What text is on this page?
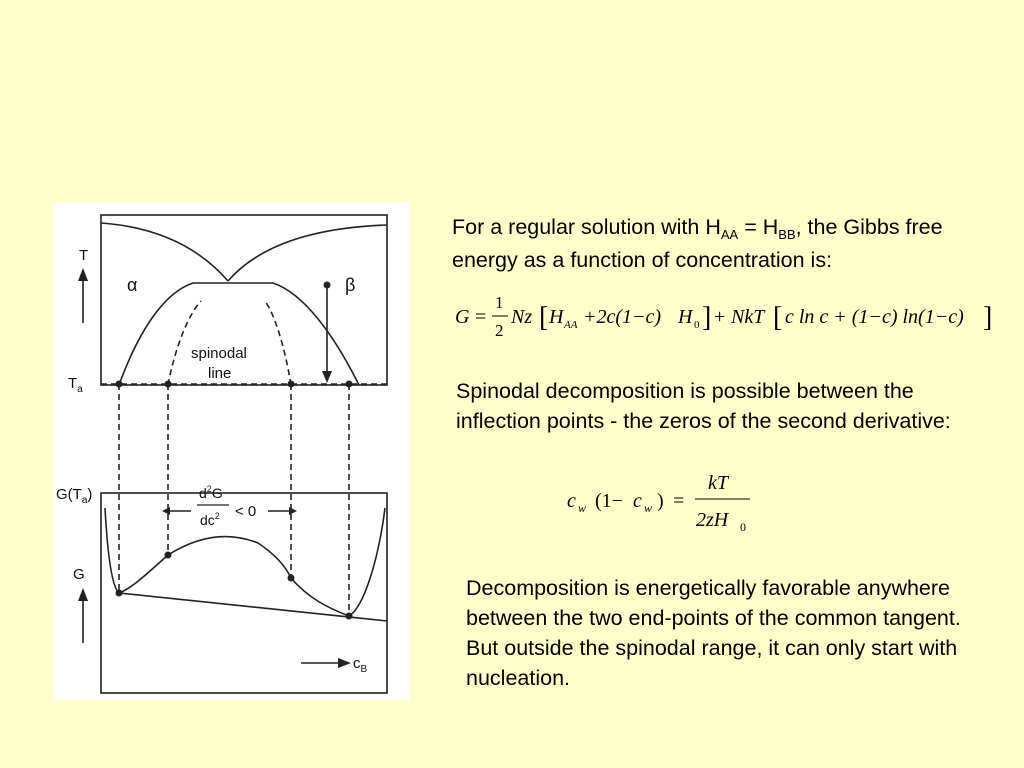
T
α	β
spinodal
line
$T_a$
$G(T_a)$	$d^2G$
$dc^2 < 0$
G
$c_B$

For a regular solution with $H_{AA} = H_{BB}$, the Gibbs free energy as a function of concentration is:

G =
1
2
Nz [ H AA +2c(1−c) H 0 ] + NkT [ c ln c + (1−c) ln(1−c) ]

Spinodal decomposition is possible between the inflection points - the zeros of the second derivative:

c w (1− c w ) =
kT
2zH 0

Decomposition is energetically favorable anywhere between the two end-points of the common tangent. But outside the spinodal range, it can only start with nucleation.
